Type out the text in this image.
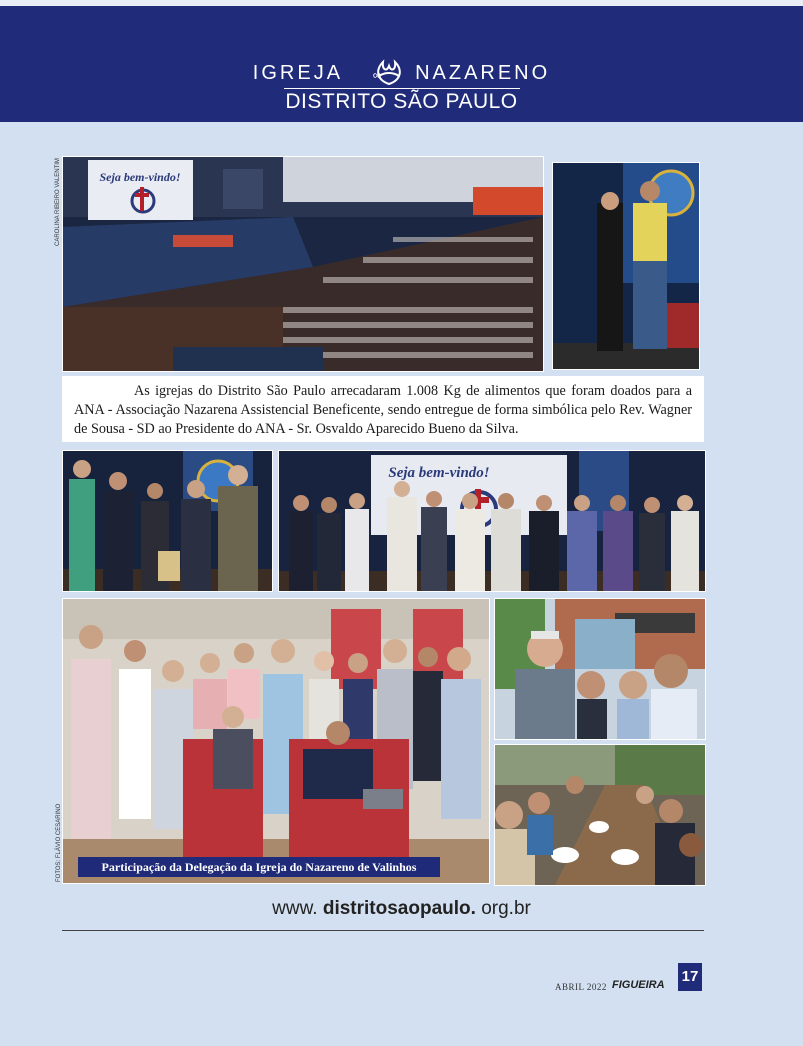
IGREJA	∞ NAZARENO
DISTRITO SÃO PAULO
Seja bem-vindo!
CAROLINA RIBEIRO VALENTIM

As igrejas do Distrito São Paulo arrecadaram 1.008 Kg de alimentos que foram doados para a ANA - Associação Nazarena Assistencial Beneficente, sendo entregue de forma simbólica pelo Rev. Wagner de Sousa - SD ao Presidente do ANA - Sr. Osvaldo Aparecido Bueno da Silva.

Seja bem-vindo!
FOTOS: FLÁVIO CESARINO	Participação da Delegação da Igreja do Nazareno de Valinhos
www. distritosaopaulo. org.br
ABRIL 2022 FIGUEIRA 17
